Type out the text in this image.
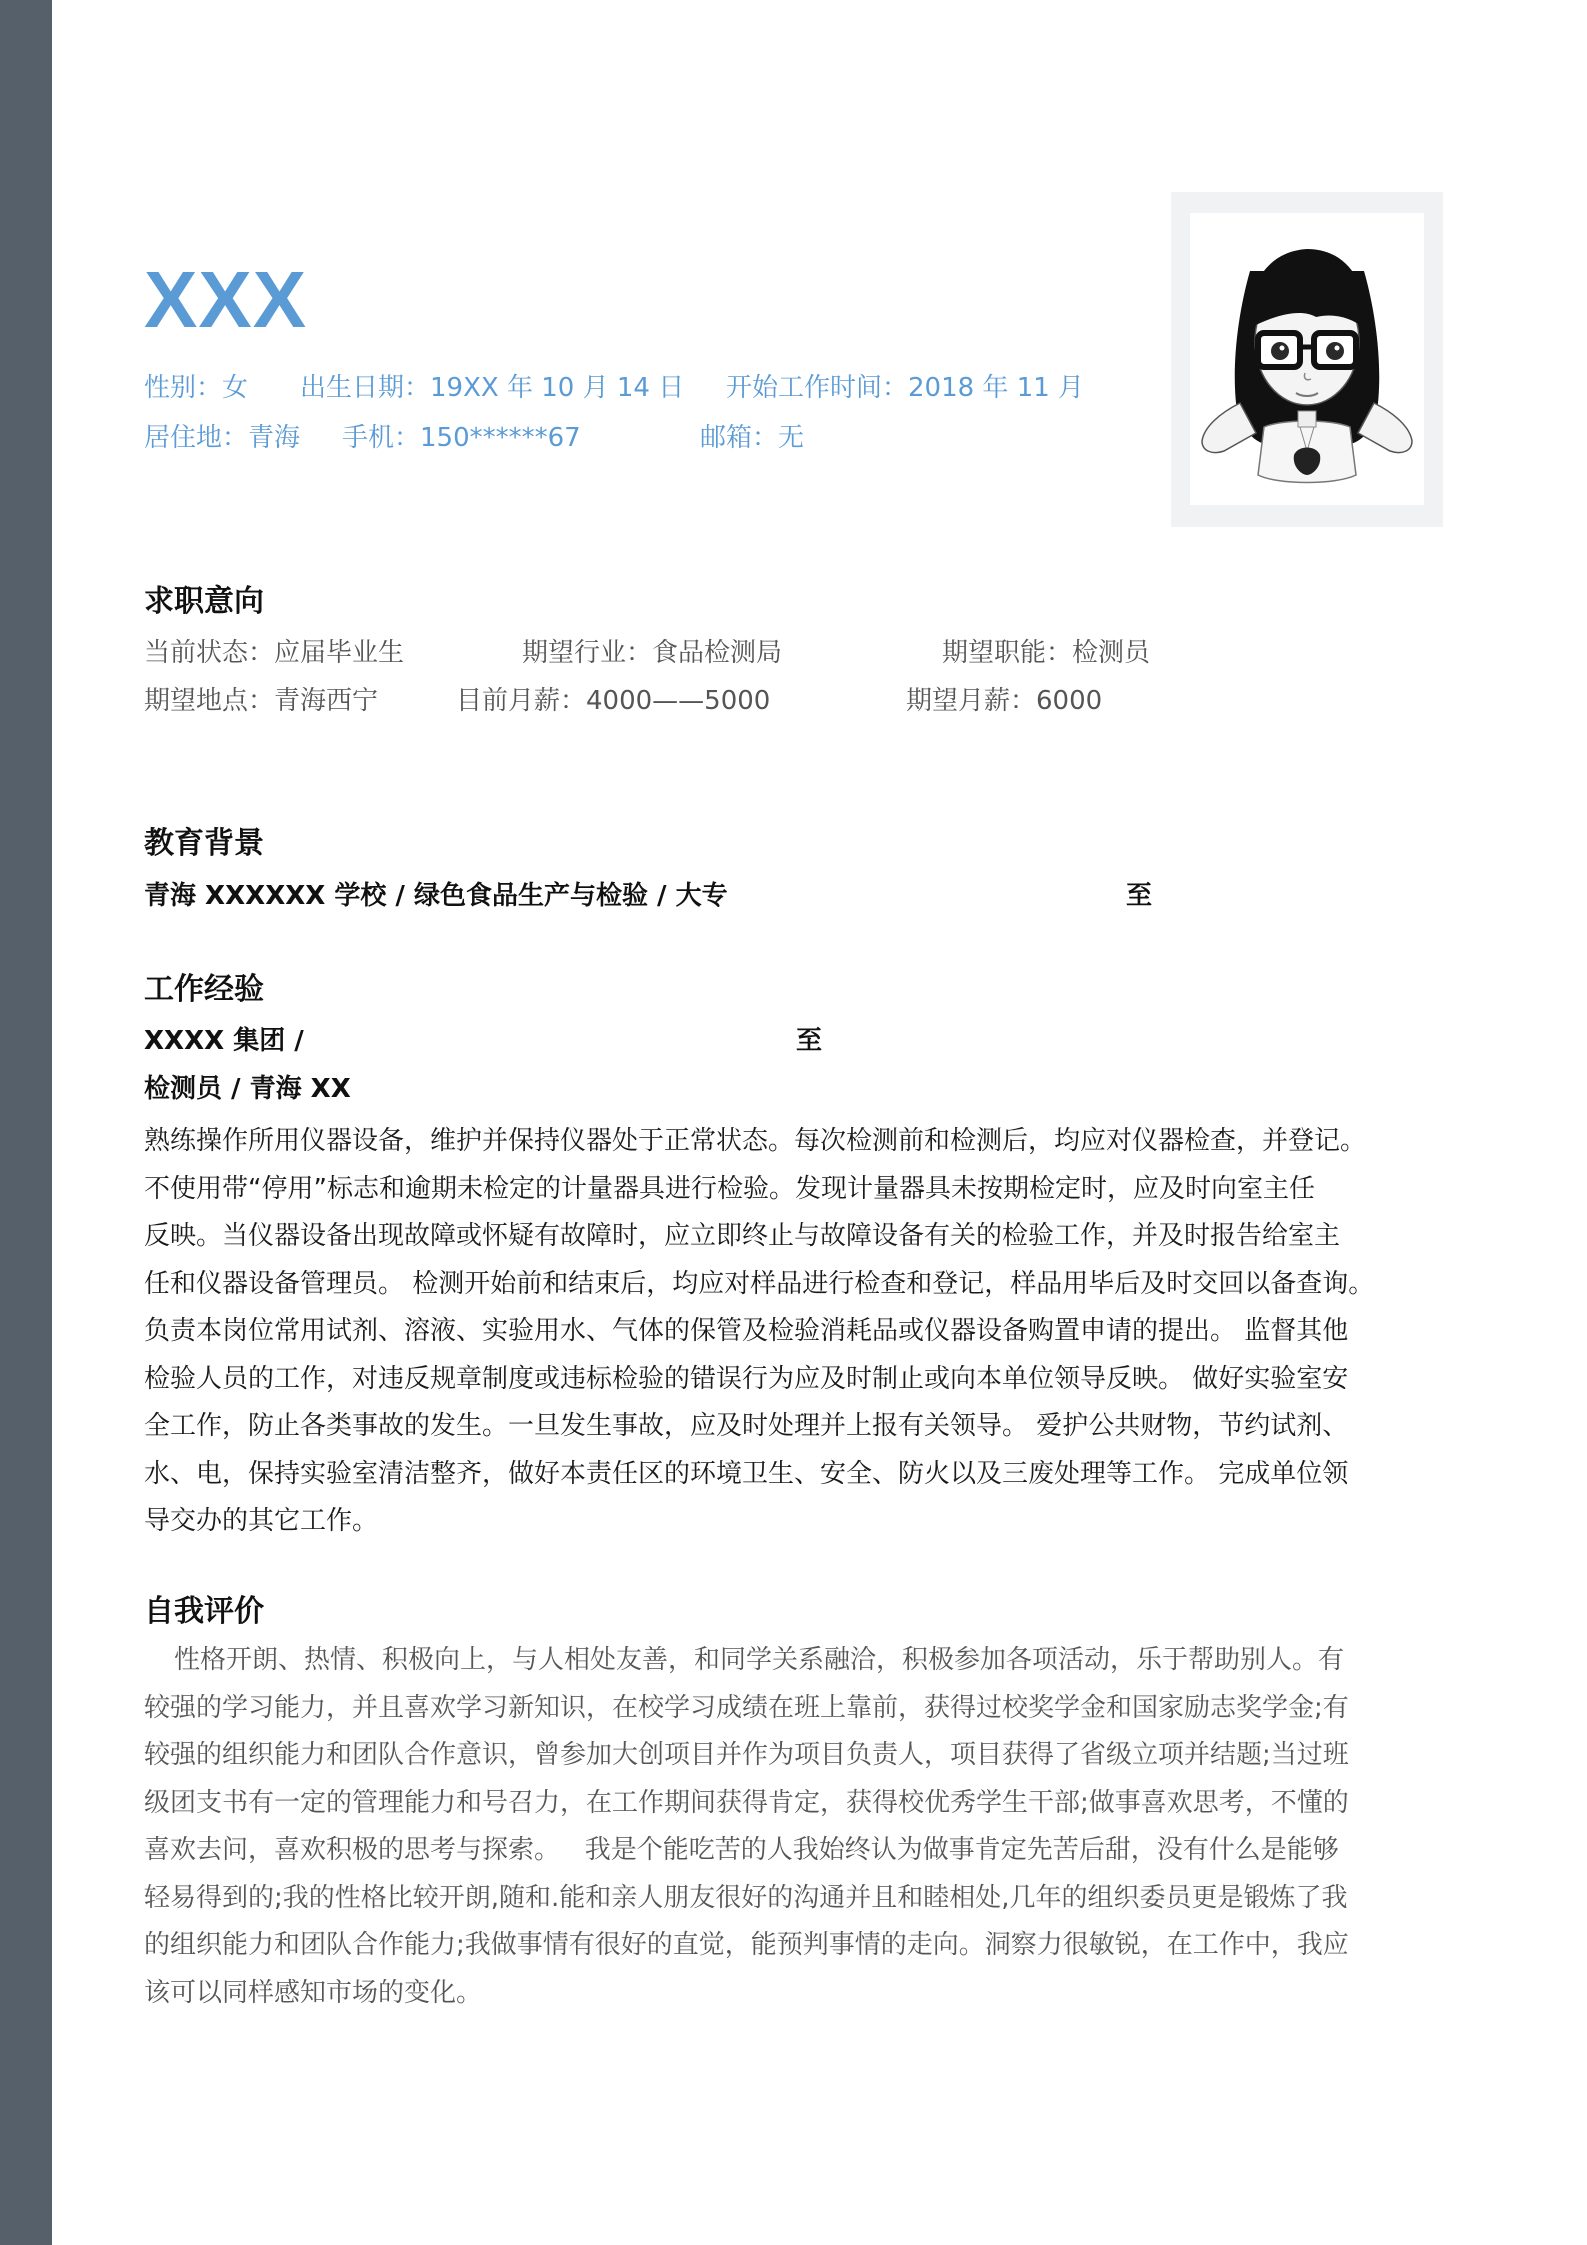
XXX
性别：女 出生日期：19XX 年 10 月 14 日 开始工作时间：2018 年 11 月
居住地：青海 手机：150******67	邮箱：无
求职意向
当前状态：应届毕业生	期望行业：食品检测局	期望职能：检测员
期望地点：青海西宁	目前月薪：4000——5000	期望月薪：6000
教育背景
青海 XXXXXX 学校 / 绿色食品生产与检验 / 大专	至
工作经验
XXXX 集团 /	至
检测员 / 青海 XX
熟练操作所用仪器设备，维护并保持仪器处于正常状态。每次检测前和检测后，均应对仪器检查，并登记。
不使用带“停用”标志和逾期未检定的计量器具进行检验。发现计量器具未按期检定时，应及时向室主任
反映。当仪器设备出现故障或怀疑有故障时，应立即终止与故障设备有关的检验工作，并及时报告给室主
任和仪器设备管理员。 检测开始前和结束后，均应对样品进行检查和登记，样品用毕后及时交回以备查询。
负责本岗位常用试剂、溶液、实验用水、气体的保管及检验消耗品或仪器设备购置申请的提出。 监督其他
检验人员的工作，对违反规章制度或违标检验的错误行为应及时制止或向本单位领导反映。 做好实验室安
全工作，防止各类事故的发生。一旦发生事故，应及时处理并上报有关领导。 爱护公共财物，节约试剂、
水、电，保持实验室清洁整齐，做好本责任区的环境卫生、安全、防火以及三废处理等工作。 完成单位领
导交办的其它工作。
自我评价
性格开朗、热情、积极向上，与人相处友善，和同学关系融洽，积极参加各项活动，乐于帮助别人。有
较强的学习能力，并且喜欢学习新知识，在校学习成绩在班上靠前，获得过校奖学金和国家励志奖学金;有
较强的组织能力和团队合作意识，曾参加大创项目并作为项目负责人，项目获得了省级立项并结题;当过班
级团支书有一定的管理能力和号召力，在工作期间获得肯定，获得校优秀学生干部;做事喜欢思考，不懂的
喜欢去问，喜欢积极的思考与探索。   我是个能吃苦的人我始终认为做事肯定先苦后甜，没有什么是能够
轻易得到的;我的性格比较开朗,随和.能和亲人朋友很好的沟通并且和睦相处,几年的组织委员更是锻炼了我
的组织能力和团队合作能力;我做事情有很好的直觉，能预判事情的走向。洞察力很敏锐，在工作中，我应
该可以同样感知市场的变化。
